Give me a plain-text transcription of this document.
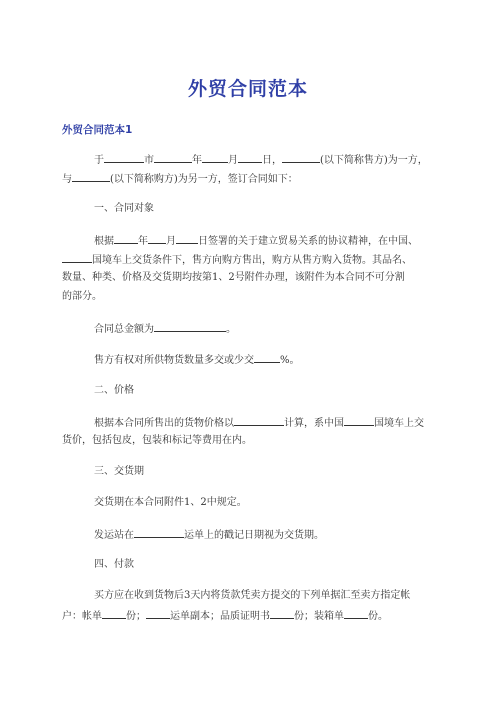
外贸合同范本
外贸合同范本1
于	市	年	月 日，	(以下简称售方)为一方，
与	(以下简称购方)为另一方，签订合同如下：
一、合同对象
根据 年 月 日签署的关于建立贸易关系的协议精神，在中国、
国境车上交货条件下，售方向购方售出，购方从售方购入货物。其品名、
数量、种类、价格及交货期均按第1、2号附件办理，该附件为本合同不可分割
的部分。
合同总金额为	。
售方有权对所供物货数量多交或少交	%。
二、价格
根据本合同所售出的货物价格以	计算，系中国	国境车上交
货价，包括包皮，包装和标记等费用在内。
三、交货期
交货期在本合同附件1、2中规定。
发运站在	运单上的戳记日期视为交货期。
四、付款
买方应在收到货物后3天内将货款凭卖方提交的下列单据汇至卖方指定帐
户：帐单 份； 运单副本；品质证明书 份；装箱单 份。
